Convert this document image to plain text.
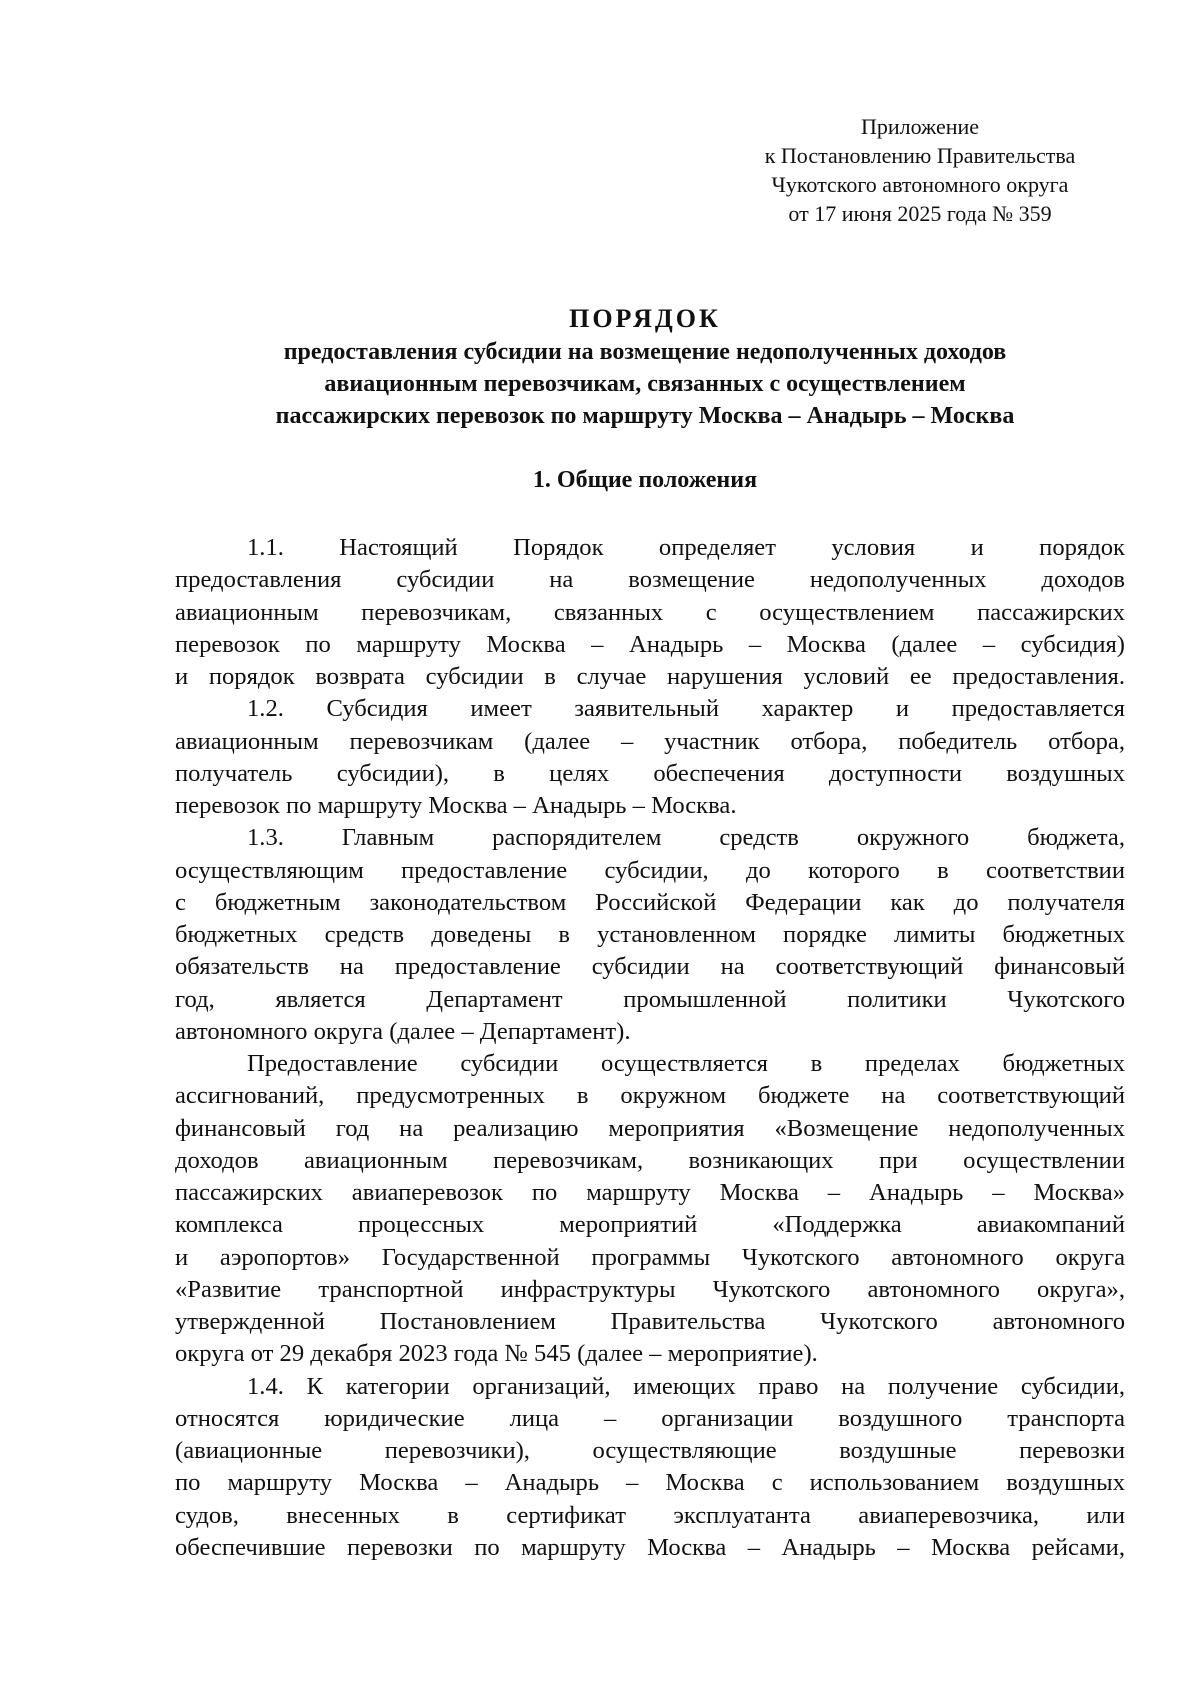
Приложение
к Постановлению Правительства
Чукотского автономного округа
от 17 июня 2025 года № 359
ПОРЯДОК
предоставления субсидии на возмещение недополученных доходов
авиационным перевозчикам, связанных с осуществлением
пассажирских перевозок по маршруту Москва – Анадырь – Москва
1. Общие положения
1.1. Настоящий Порядок определяет условия и порядок
предоставления субсидии на возмещение недополученных доходов
авиационным перевозчикам, связанных с осуществлением пассажирских
перевозок по маршруту Москва – Анадырь – Москва (далее – субсидия)
и порядок возврата субсидии в случае нарушения условий ее предоставления.
1.2. Субсидия имеет заявительный характер и предоставляется
авиационным перевозчикам (далее – участник отбора, победитель отбора,
получатель субсидии), в целях обеспечения доступности воздушных
перевозок по маршруту Москва – Анадырь – Москва.
1.3. Главным распорядителем средств окружного бюджета,
осуществляющим предоставление субсидии, до которого в соответствии
с бюджетным законодательством Российской Федерации как до получателя
бюджетных средств доведены в установленном порядке лимиты бюджетных
обязательств на предоставление субсидии на соответствующий финансовый
год, является Департамент промышленной политики Чукотского
автономного округа (далее – Департамент).
Предоставление субсидии осуществляется в пределах бюджетных
ассигнований, предусмотренных в окружном бюджете на соответствующий
финансовый год на реализацию мероприятия «Возмещение недополученных
доходов авиационным перевозчикам, возникающих при осуществлении
пассажирских авиаперевозок по маршруту Москва – Анадырь – Москва»
комплекса процессных мероприятий «Поддержка авиакомпаний
и аэропортов» Государственной программы Чукотского автономного округа
«Развитие транспортной инфраструктуры Чукотского автономного округа»,
утвержденной Постановлением Правительства Чукотского автономного
округа от 29 декабря 2023 года № 545 (далее – мероприятие).
1.4. К категории организаций, имеющих право на получение субсидии,
относятся юридические лица – организации воздушного транспорта
(авиационные перевозчики), осуществляющие воздушные перевозки
по маршруту Москва – Анадырь – Москва с использованием воздушных
судов, внесенных в сертификат эксплуатанта авиаперевозчика, или
обеспечившие перевозки по маршруту Москва – Анадырь – Москва рейсами,
